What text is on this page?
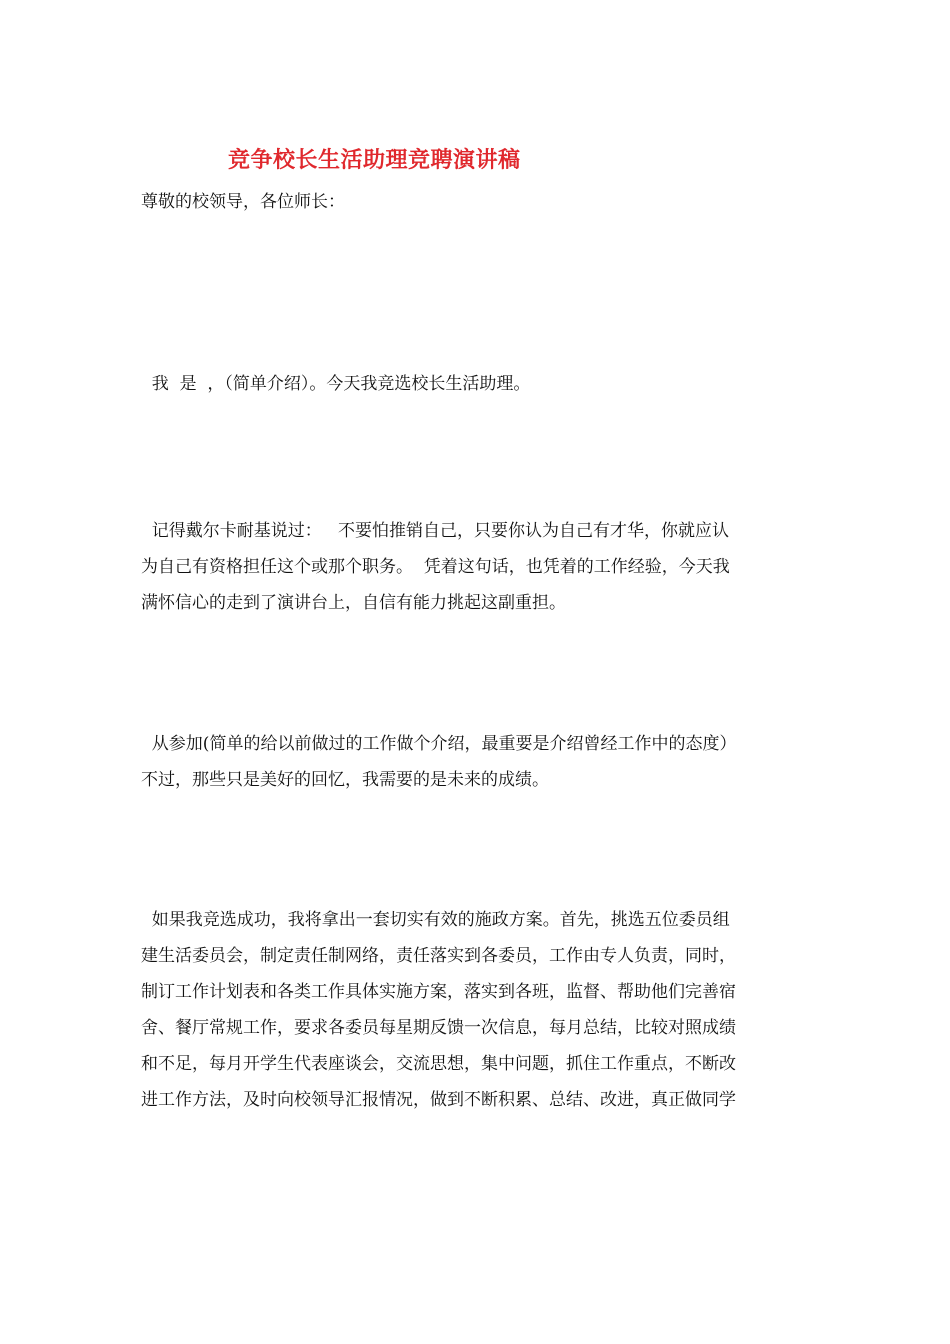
竞争校长生活助理竞聘演讲稿
尊敬的校领导，各位师长：
我  是  ，（简单介绍）。今天我竞选校长生活助理。
记得戴尔卡耐基说过：   不要怕推销自己，只要你认为自己有才华，你就应认
为自己有资格担任这个或那个职务。  凭着这句话，也凭着的工作经验，今天我
满怀信心的走到了演讲台上，自信有能力挑起这副重担。
从参加(简单的给以前做过的工作做个介绍，最重要是介绍曾经工作中的态度）
不过，那些只是美好的回忆，我需要的是未来的成绩。
如果我竞选成功，我将拿出一套切实有效的施政方案。首先，挑选五位委员组
建生活委员会，制定责任制网络，责任落实到各委员，工作由专人负责，同时，
制订工作计划表和各类工作具体实施方案，落实到各班，监督、帮助他们完善宿
舍、餐厅常规工作，要求各委员每星期反馈一次信息，每月总结，比较对照成绩
和不足，每月开学生代表座谈会，交流思想，集中问题，抓住工作重点，不断改
进工作方法，及时向校领导汇报情况，做到不断积累、总结、改进，真正做同学
